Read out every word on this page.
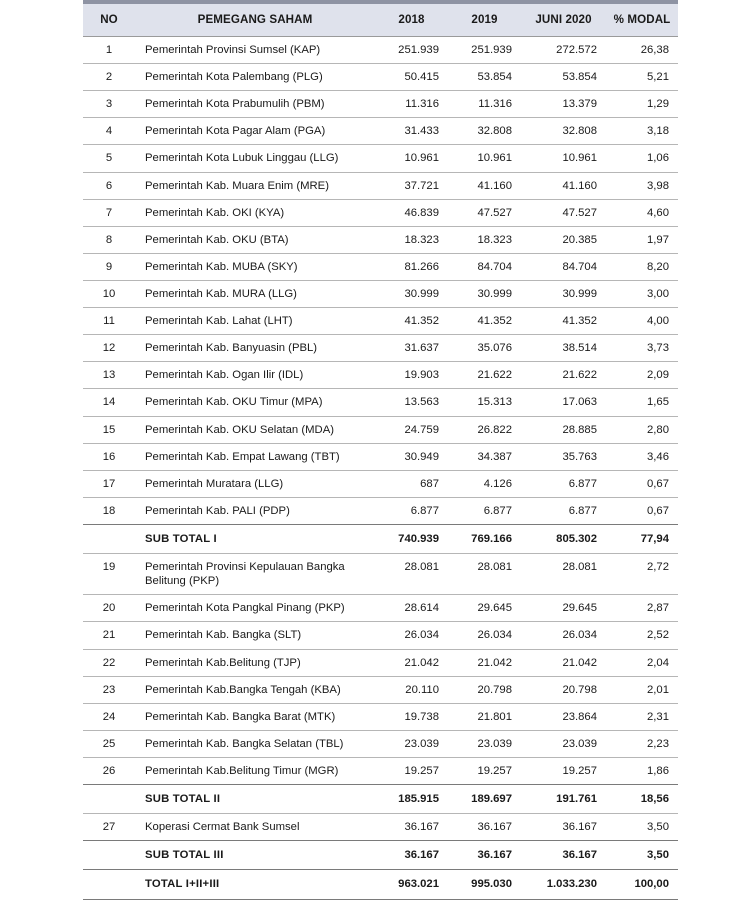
NO	PEMEGANG SAHAM	2018	2019	JUNI 2020	% MODAL
1	Pemerintah Provinsi Sumsel (KAP)	251.939	251.939	272.572	26,38
2	Pemerintah Kota Palembang (PLG)	50.415	53.854	53.854	5,21
3	Pemerintah Kota Prabumulih (PBM)	11.316	11.316	13.379	1,29
4	Pemerintah Kota Pagar Alam (PGA)	31.433	32.808	32.808	3,18
5	Pemerintah Kota Lubuk Linggau (LLG)	10.961	10.961	10.961	1,06
6	Pemerintah Kab. Muara Enim (MRE)	37.721	41.160	41.160	3,98
7	Pemerintah Kab. OKI (KYA)	46.839	47.527	47.527	4,60
8	Pemerintah Kab. OKU (BTA)	18.323	18.323	20.385	1,97
9	Pemerintah Kab. MUBA (SKY)	81.266	84.704	84.704	8,20
10	Pemerintah Kab. MURA (LLG)	30.999	30.999	30.999	3,00
11	Pemerintah Kab. Lahat (LHT)	41.352	41.352	41.352	4,00
12	Pemerintah Kab. Banyuasin (PBL)	31.637	35.076	38.514	3,73
13	Pemerintah Kab. Ogan Ilir (IDL)	19.903	21.622	21.622	2,09
14	Pemerintah Kab. OKU Timur (MPA)	13.563	15.313	17.063	1,65
15	Pemerintah Kab. OKU Selatan (MDA)	24.759	26.822	28.885	2,80
16	Pemerintah Kab. Empat Lawang (TBT)	30.949	34.387	35.763	3,46
17	Pemerintah Muratara (LLG)	687	4.126	6.877	0,67
18	Pemerintah Kab. PALI (PDP)	6.877	6.877	6.877	0,67
	SUB TOTAL I	740.939	769.166	805.302	77,94
19	Pemerintah Provinsi Kepulauan Bangka Belitung (PKP)	28.081	28.081	28.081	2,72
20	Pemerintah Kota Pangkal Pinang (PKP)	28.614	29.645	29.645	2,87
21	Pemerintah Kab. Bangka (SLT)	26.034	26.034	26.034	2,52
22	Pemerintah Kab.Belitung (TJP)	21.042	21.042	21.042	2,04
23	Pemerintah Kab.Bangka Tengah (KBA)	20.110	20.798	20.798	2,01
24	Pemerintah Kab. Bangka Barat (MTK)	19.738	21.801	23.864	2,31
25	Pemerintah Kab. Bangka Selatan (TBL)	23.039	23.039	23.039	2,23
26	Pemerintah Kab.Belitung Timur (MGR)	19.257	19.257	19.257	1,86
	SUB TOTAL II	185.915	189.697	191.761	18,56
27	Koperasi Cermat Bank Sumsel	36.167	36.167	36.167	3,50
	SUB TOTAL III	36.167	36.167	36.167	3,50
	TOTAL I+II+III	963.021	995.030	1.033.230	100,00
